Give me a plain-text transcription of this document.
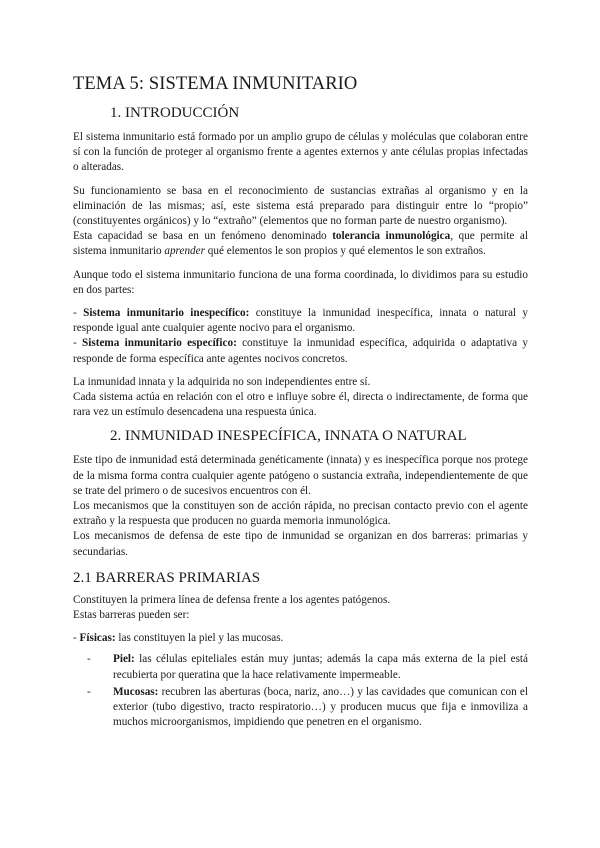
TEMA 5: SISTEMA INMUNITARIO
1. INTRODUCCIÓN

El sistema inmunitario está formado por un amplio grupo de células y moléculas que colaboran entre sí con la función de proteger al organismo frente a agentes externos y ante células propias infectadas o alteradas.

Su funcionamiento se basa en el reconocimiento de sustancias extrañas al organismo y en la eliminación de las mismas; así, este sistema está preparado para distinguir entre lo “propio” (constituyentes orgánicos) y lo “extraño” (elementos que no forman parte de nuestro organismo).

Esta capacidad se basa en un fenómeno denominado tolerancia inmunológica, que permite al sistema inmunitario aprender qué elementos le son propios y qué elementos le son extraños.

Aunque todo el sistema inmunitario funciona de una forma coordinada, lo dividimos para su estudio en dos partes:

- Sistema inmunitario inespecífico: constituye la inmunidad inespecífica, innata o natural y responde igual ante cualquier agente nocivo para el organismo.

- Sistema inmunitario específico: constituye la inmunidad específica, adquirida o adaptativa y responde de forma específica ante agentes nocivos concretos.

La inmunidad innata y la adquirida no son independientes entre sí.

Cada sistema actúa en relación con el otro e influye sobre él, directa o indirectamente, de forma que rara vez un estímulo desencadena una respuesta única.

2. INMUNIDAD INESPECÍFICA, INNATA O NATURAL

Este tipo de inmunidad está determinada genéticamente (innata) y es inespecífica porque nos protege de la misma forma contra cualquier agente patógeno o sustancia extraña, independientemente de que se trate del primero o de sucesivos encuentros con él.

Los mecanismos que la constituyen son de acción rápida, no precisan contacto previo con el agente extraño y la respuesta que producen no guarda memoria inmunológica.

Los mecanismos de defensa de este tipo de inmunidad se organizan en dos barreras: primarias y secundarias.

2.1 BARRERAS PRIMARIAS

Constituyen la primera línea de defensa frente a los agentes patógenos.

Estas barreras pueden ser:

- Físicas: las constituyen la piel y las mucosas.

- Piel: las células epiteliales están muy juntas; además la capa más externa de la piel está recubierta por queratina que la hace relativamente impermeable.
- Mucosas: recubren las aberturas (boca, nariz, ano…) y las cavidades que comunican con el exterior (tubo digestivo, tracto respiratorio…) y producen mucus que fija e inmoviliza a muchos microorganismos, impidiendo que penetren en el organismo.
